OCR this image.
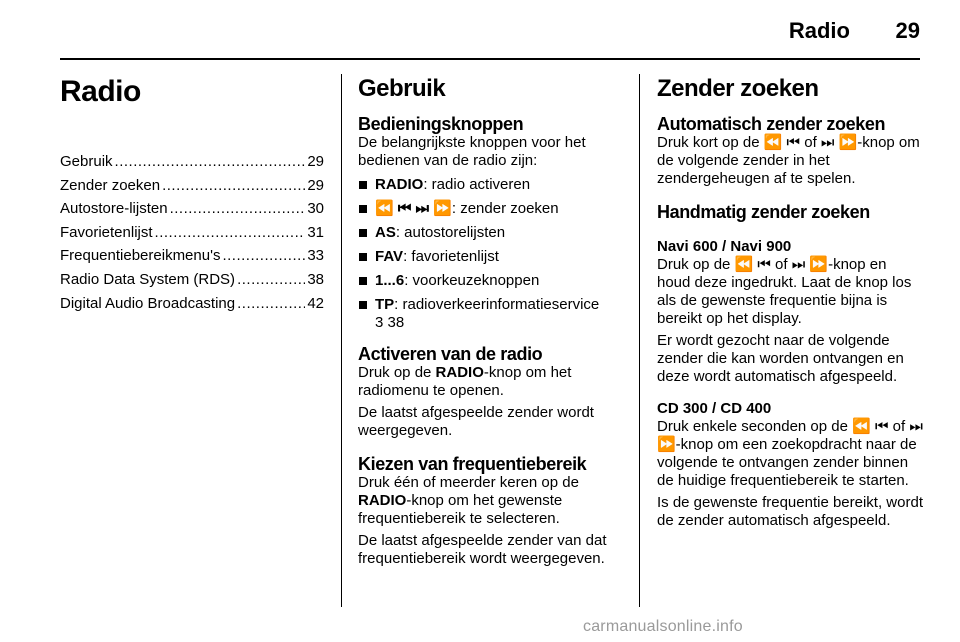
Radio	29
Radio
Gebruik .....	29
Zender zoeken .....	29
Autostore-lijsten .....	30
Favorietenlijst .....	31
Frequentiebereikmenu's .....	33
Radio Data System (RDS) .....	38
Digital Audio Broadcasting .....	42
Gebruik
Bedieningsknoppen

De belangrijkste knoppen voor het bedienen van de radio zijn:

RADIO: radio activeren
⏪ ⏮ ⏭ ⏩: zender zoeken
AS: autostorelijsten
FAV: favorietenlijst
1...6: voorkeuzeknoppen
TP: radioverkeerinformatieservice
3 38
Activeren van de radio

Druk op de RADIO-knop om het radiomenu te openen.

De laatst afgespeelde zender wordt weergegeven.

Kiezen van frequentiebereik

Druk één of meerder keren op de RADIO-knop om het gewenste frequentiebereik te selecteren.

De laatst afgespeelde zender van dat frequentiebereik wordt weergegeven.

Zender zoeken
Automatisch zender zoeken

Druk kort op de ⏪ ⏮ of ⏭ ⏩-knop om de volgende zender in het zendergeheugen af te spelen.

Handmatig zender zoeken
Navi 600 / Navi 900

Druk op de ⏪ ⏮ of ⏭ ⏩-knop en houd deze ingedrukt. Laat de knop los als de gewenste frequentie bijna is bereikt op het display.

Er wordt gezocht naar de volgende zender die kan worden ontvangen en deze wordt automatisch afgespeeld.

CD 300 / CD 400

Druk enkele seconden op de ⏪ ⏮ of ⏭ ⏩-knop om een zoekopdracht naar de volgende te ontvangen zender binnen de huidige frequentiebereik te starten.

Is de gewenste frequentie bereikt, wordt de zender automatisch afgespeeld.

carmanualsonline.info
